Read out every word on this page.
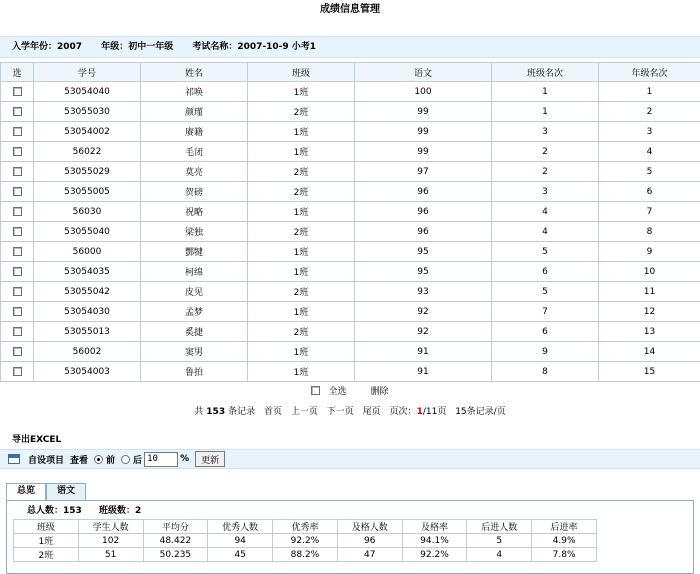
成绩信息管理
入学年份：2007 年级：初中一年级 考试名称：2007-10-9 小考1
选	学号	姓名	班级	语文	班级名次	年级名次
	53054040	祁唤	1班	100	1	1
	53055030	颜瑾	2班	99	1	2
	53054002	赓籍	1班	99	3	3
	56022	毛闭	1班	99	2	4
	53055029	莫亮	2班	97	2	5
	53055005	贺磅	2班	96	3	6
	56030	祝略	1班	96	4	7
	53055040	梁独	2班	96	4	8
	56000	酆犍	1班	95	5	9
	53054035	柯绵	1班	95	6	10
	53055042	皮见	2班	93	5	11
	53054030	孟梦	1班	92	7	12
	53055013	奚捷	2班	92	6	13
	56002	窦男	1班	91	9	14
	53054003	鲁拍	1班	91	8	15
全选	删除
共 153 条记录 首页 上一页 下一页 尾页 页次：1/11页 15条记录/页
导出EXCEL
自设项目 查看 前 后
10	%	更新
总览	语文
总人数：153 班级数：2
班级	学生人数	平均分	优秀人数	优秀率	及格人数	及格率	后进人数	后进率
1班	102	48.422	94	92.2%	96	94.1%	5	4.9%
2班	51	50.235	45	88.2%	47	92.2%	4	7.8%
